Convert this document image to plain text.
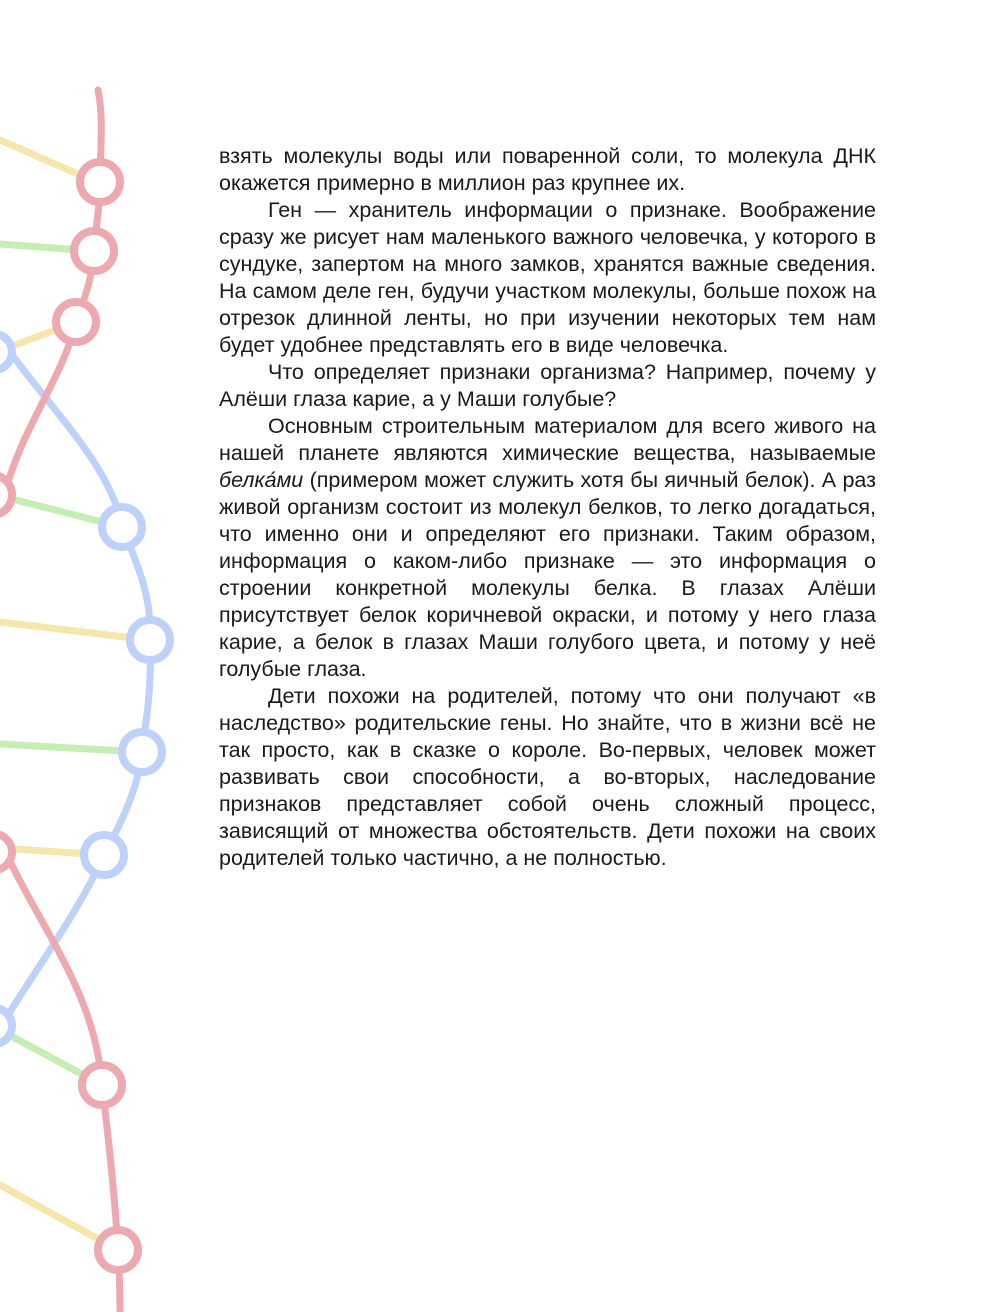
взять молекулы воды или поваренной соли, то молекула ДНК окажется примерно в миллион раз крупнее их.

Ген — хранитель информации о признаке. Воображение сразу же рисует нам маленького важного человечка, у которого в сундуке, запертом на много замков, хранятся важные сведения. На самом деле ген, будучи участком молекулы, больше похож на отрезок длинной ленты, но при изучении некоторых тем нам будет удобнее представлять его в виде человечка.

Что определяет признаки организма? Например, почему у Алёши глаза карие, а у Маши голубые?

Основным строительным материалом для всего живого на нашей планете являются химические вещества, называемые белка́ми (примером может служить хотя бы яичный белок). А раз живой организм состоит из молекул белков, то легко догадаться, что именно они и определяют его признаки. Таким образом, информация о каком-либо признаке — это информация о строении конкретной молекулы белка. В глазах Алёши присутствует белок коричневой окраски, и потому у него глаза карие, а белок в глазах Маши голубого цвета, и потому у неё голубые глаза.

Дети похожи на родителей, потому что они получают «в наследство» родительские гены. Но знайте, что в жизни всё не так просто, как в сказке о короле. Во-первых, человек может развивать свои способности, а во-вторых, наследование признаков представляет собой очень сложный процесс, зависящий от множества обстоятельств. Дети похожи на своих родителей только частично, а не полностью.
